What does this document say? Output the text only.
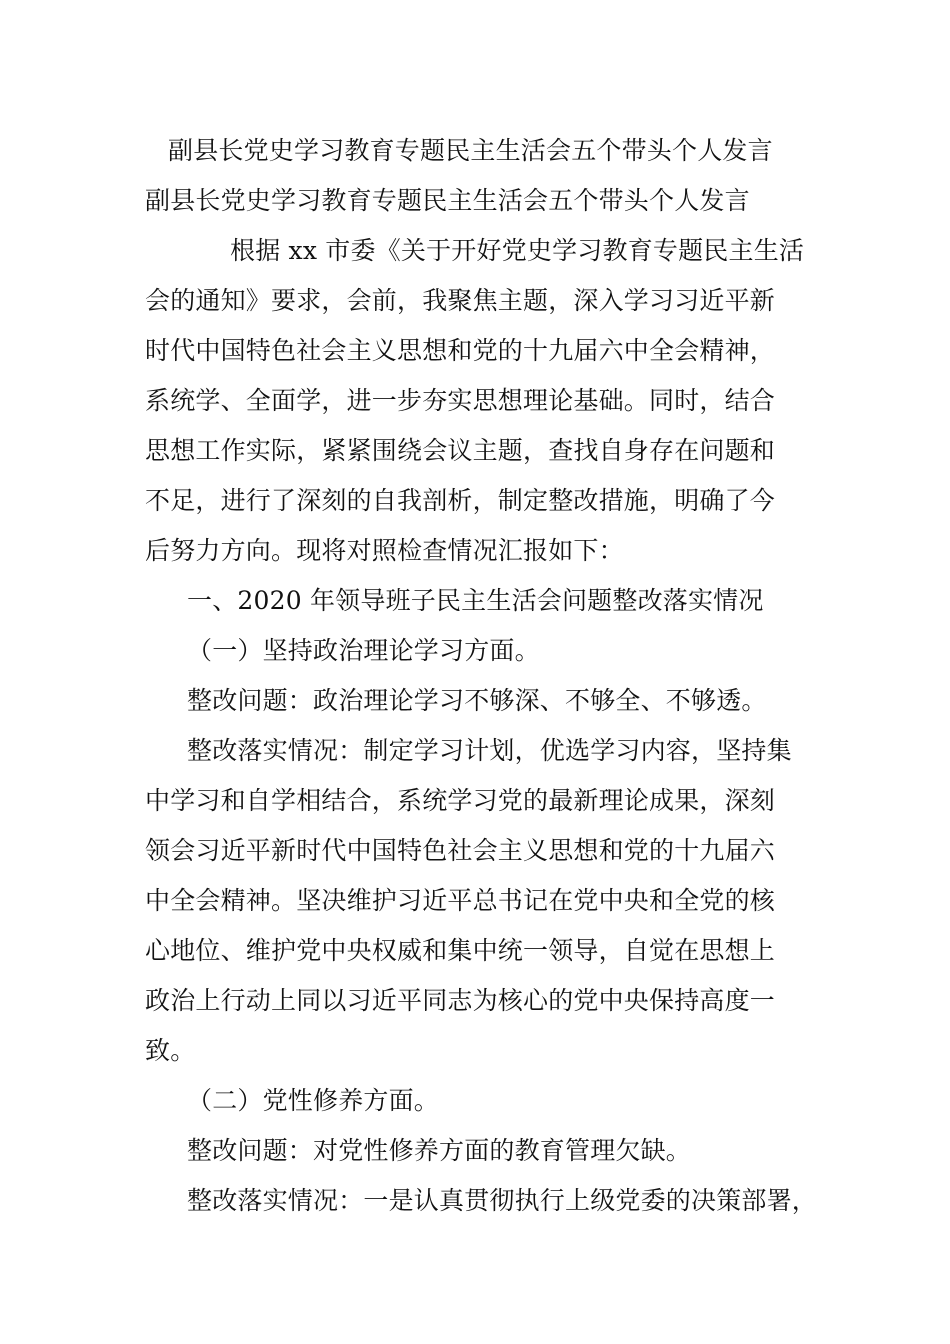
副县长党史学习教育专题民主生活会五个带头个人发言
副县长党史学习教育专题民主生活会五个带头个人发言
根据 xx 市委《关于开好党史学习教育专题民主生活
会的通知》要求，会前，我聚焦主题，深入学习习近平新
时代中国特色社会主义思想和党的十九届六中全会精神，
系统学、全面学，进一步夯实思想理论基础。同时，结合
思想工作实际，紧紧围绕会议主题，查找自身存在问题和
不足，进行了深刻的自我剖析，制定整改措施，明确了今
后努力方向。现将对照检查情况汇报如下：
一、2020 年领导班子民主生活会问题整改落实情况
（一）坚持政治理论学习方面。
整改问题：政治理论学习不够深、不够全、不够透。
整改落实情况：制定学习计划，优选学习内容，坚持集
中学习和自学相结合，系统学习党的最新理论成果，深刻
领会习近平新时代中国特色社会主义思想和党的十九届六
中全会精神。坚决维护习近平总书记在党中央和全党的核
心地位、维护党中央权威和集中统一领导，自觉在思想上
政治上行动上同以习近平同志为核心的党中央保持高度一
致。
（二）党性修养方面。
整改问题：对党性修养方面的教育管理欠缺。
整改落实情况：一是认真贯彻执行上级党委的决策部署，
